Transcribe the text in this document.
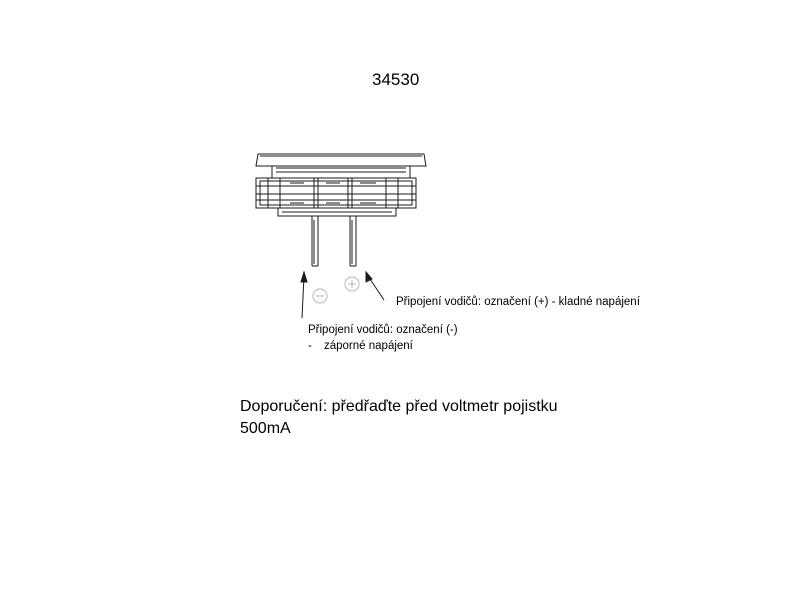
34530
Připojení vodičů: označení (+) - kladné napájení
Připojení vodičů: označení (-)
- záporné napájení
Doporučení: předřaďte před voltmetr pojistku
500mA
